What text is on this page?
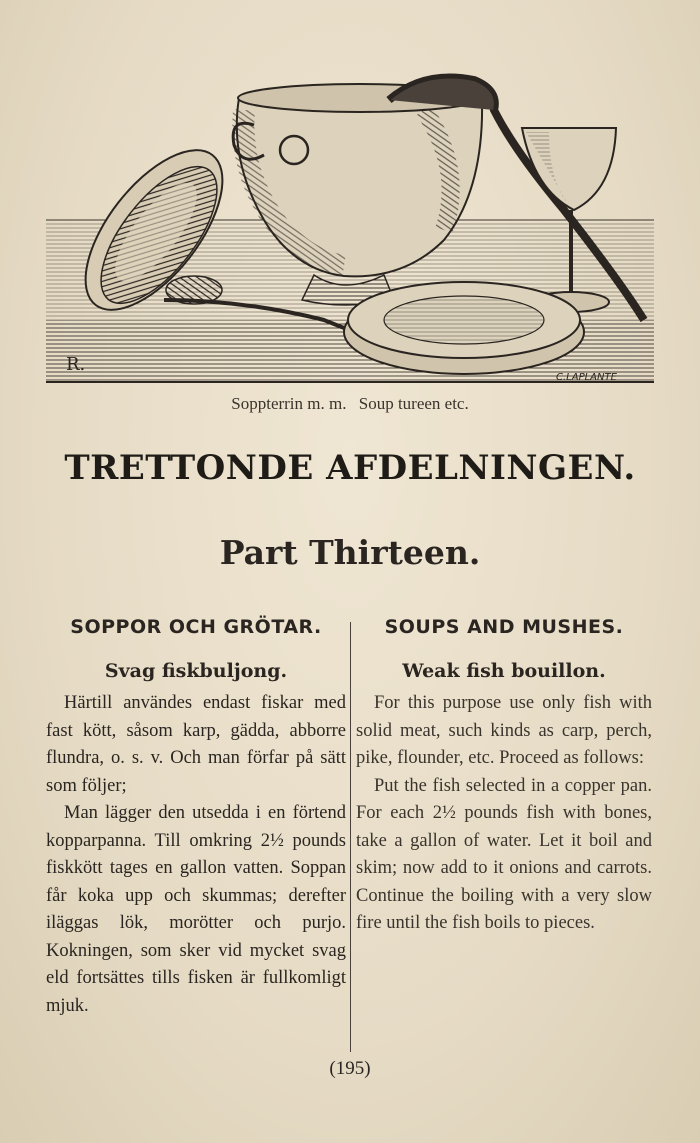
R.
C.LAPLANTE
Soppterrin m. m. Soup tureen etc.
TRETTONDE AFDELNINGEN.
Part Thirteen.
SOPPOR OCH GRÖTAR.
Svag fiskbuljong.

Härtill användes endast fiskar med fast kött, såsom karp, gädda, abborre flundra, o. s. v. Och man förfar på sätt som följer;

Man lägger den utsedda i en förtend kopparpanna. Till omkring 2½ pounds fiskkött tages en gallon vatten. Soppan får koka upp och skummas; derefter iläggas lök, morötter och purjo. Kokningen, som sker vid mycket svag eld fortsättes tills fisken är fullkomligt mjuk.

SOUPS AND MUSHES.
Weak fish bouillon.

For this purpose use only fish with solid meat, such kinds as carp, perch, pike, flounder, etc. Proceed as follows:

Put the fish selected in a copper pan. For each 2½ pounds fish with bones, take a gallon of water. Let it boil and skim; now add to it onions and carrots. Continue the boiling with a very slow fire until the fish boils to pieces.

(195)
